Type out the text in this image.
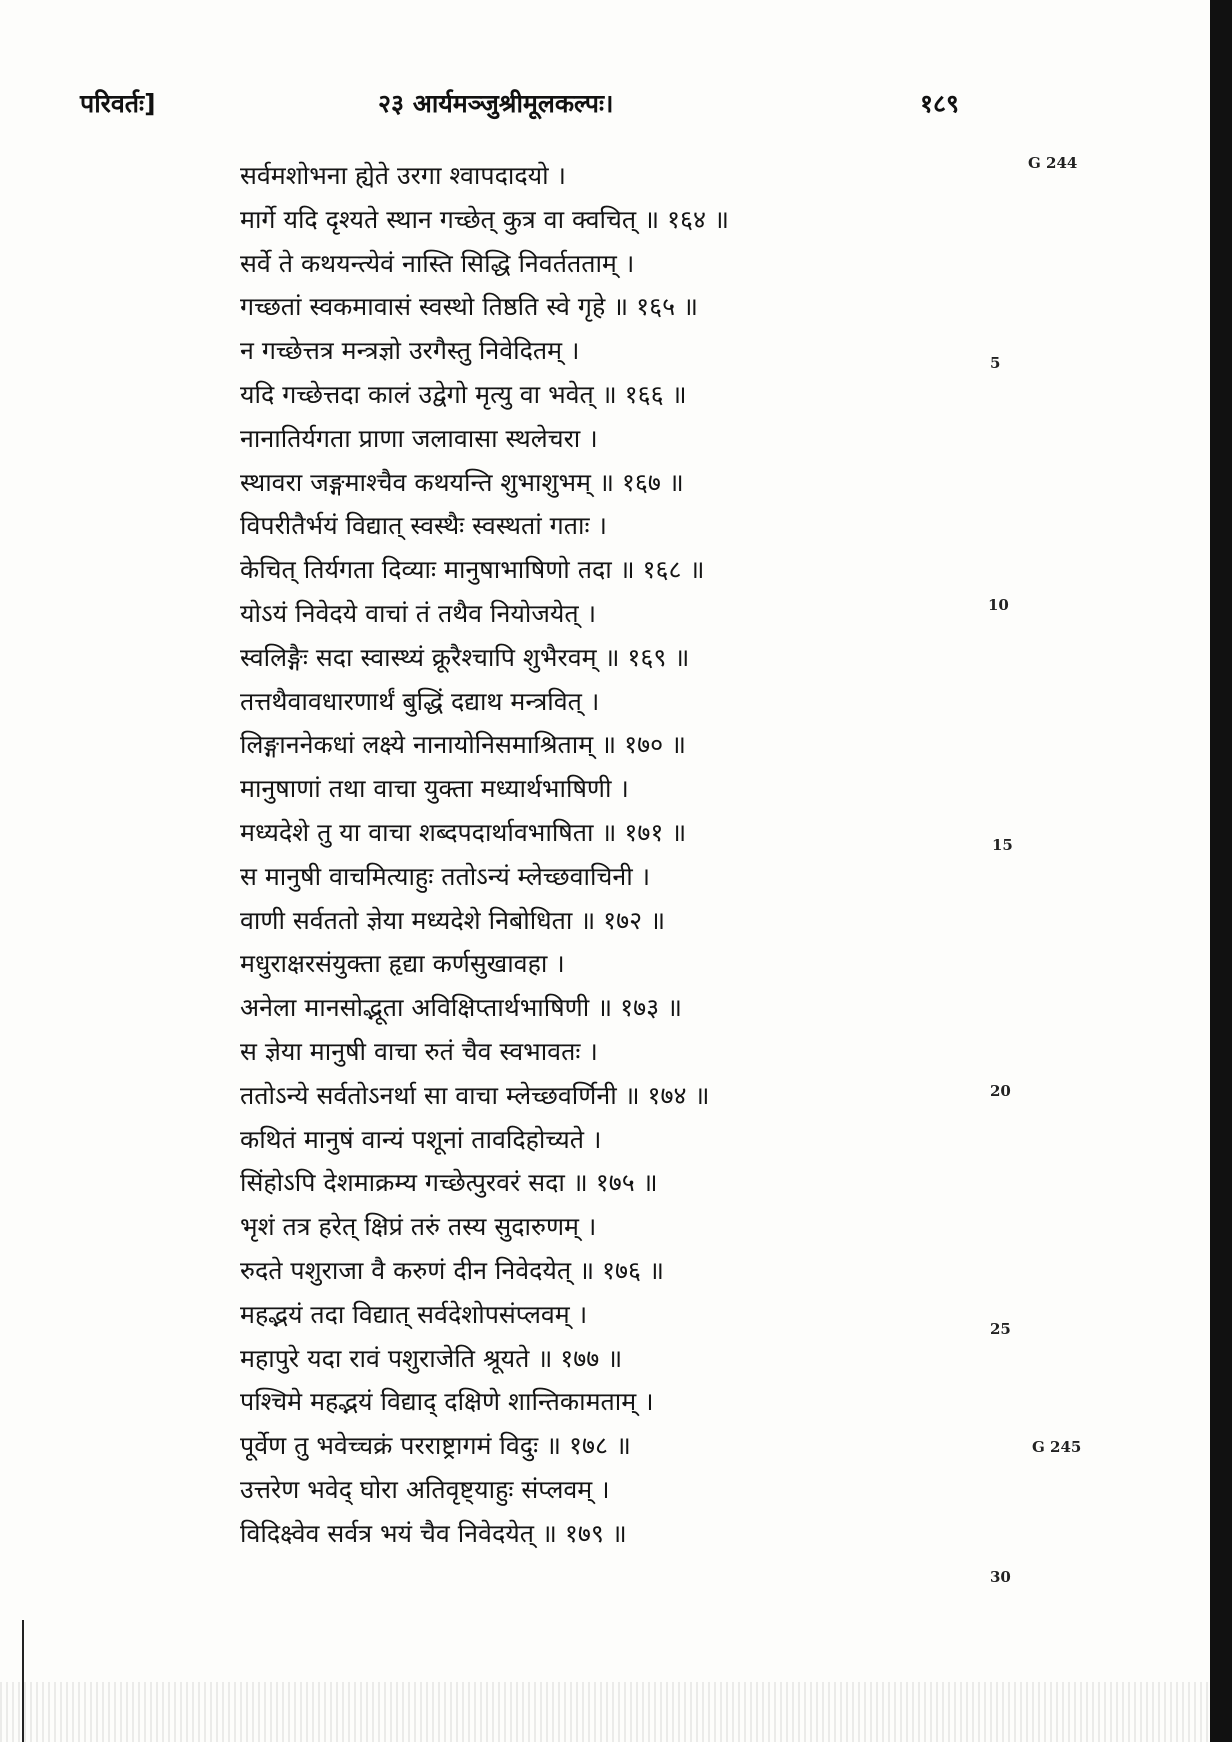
परिवर्तः]	२३ आर्यमञ्जुश्रीमूलकल्पः।	१८९
सर्वमशोभना ह्येते उरगा श्वापदादयो ।
मार्गे यदि दृश्यते स्थान गच्छेत् कुत्र वा क्वचित् ॥ १६४ ॥
सर्वे ते कथयन्त्येवं नास्ति सिद्धि निवर्ततताम् ।
गच्छतां स्वकमावासं स्वस्थो तिष्ठति स्वे गृहे ॥ १६५ ॥
न गच्छेत्तत्र मन्त्रज्ञो उरगैस्तु निवेदितम् ।
यदि गच्छेत्तदा कालं उद्वेगो मृत्यु वा भवेत् ॥ १६६ ॥
नानातिर्यगता प्राणा जलावासा स्थलेचरा ।
स्थावरा जङ्गमाश्चैव कथयन्ति शुभाशुभम् ॥ १६७ ॥
विपरीतैर्भयं विद्यात् स्वस्थैः स्वस्थतां गताः ।
केचित् तिर्यगता दिव्याः मानुषाभाषिणो तदा ॥ १६८ ॥
योऽयं निवेदये वाचां तं तथैव नियोजयेत् ।
स्वलिङ्गैः सदा स्वास्थ्यं क्रूरैश्चापि शुभैरवम् ॥ १६९ ॥
तत्तथैवावधारणार्थं बुद्धिं दद्याथ मन्त्रवित् ।
लिङ्गाननेकधां लक्ष्ये नानायोनिसमाश्रिताम् ॥ १७० ॥
मानुषाणां तथा वाचा युक्ता मध्यार्थभाषिणी ।
मध्यदेशे तु या वाचा शब्दपदार्थावभाषिता ॥ १७१ ॥
स मानुषी वाचमित्याहुः ततोऽन्यं म्लेच्छवाचिनी ।
वाणी सर्वततो ज्ञेया मध्यदेशे निबोधिता ॥ १७२ ॥
मधुराक्षरसंयुक्ता हृद्या कर्णसुखावहा ।
अनेला मानसोद्भूता अविक्षिप्तार्थभाषिणी ॥ १७३ ॥
स ज्ञेया मानुषी वाचा रुतं चैव स्वभावतः ।
ततोऽन्ये सर्वतोऽनर्था सा वाचा म्लेच्छवर्णिनी ॥ १७४ ॥
कथितं मानुषं वान्यं पशूनां तावदिहोच्यते ।
सिंहोऽपि देशमाक्रम्य गच्छेत्पुरवरं सदा ॥ १७५ ॥
भृशं तत्र हरेत् क्षिप्रं तरुं तस्य सुदारुणम् ।
रुदते पशुराजा वै करुणं दीन निवेदयेत् ॥ १७६ ॥
महद्भयं तदा विद्यात् सर्वदेशोपसंप्लवम् ।
महापुरे यदा रावं पशुराजेति श्रूयते ॥ १७७ ॥
पश्चिमे महद्भयं विद्याद् दक्षिणे शान्तिकामताम् ।
पूर्वेण तु भवेच्चक्रं परराष्ट्रागमं विदुः ॥ १७८ ॥
उत्तरेण भवेद् घोरा अतिवृष्ट्याहुः संप्लवम् ।
विदिक्ष्वेव सर्वत्र भयं चैव निवेदयेत् ॥ १७९ ॥
G 244
5
10
15
20
25
G 245
30
